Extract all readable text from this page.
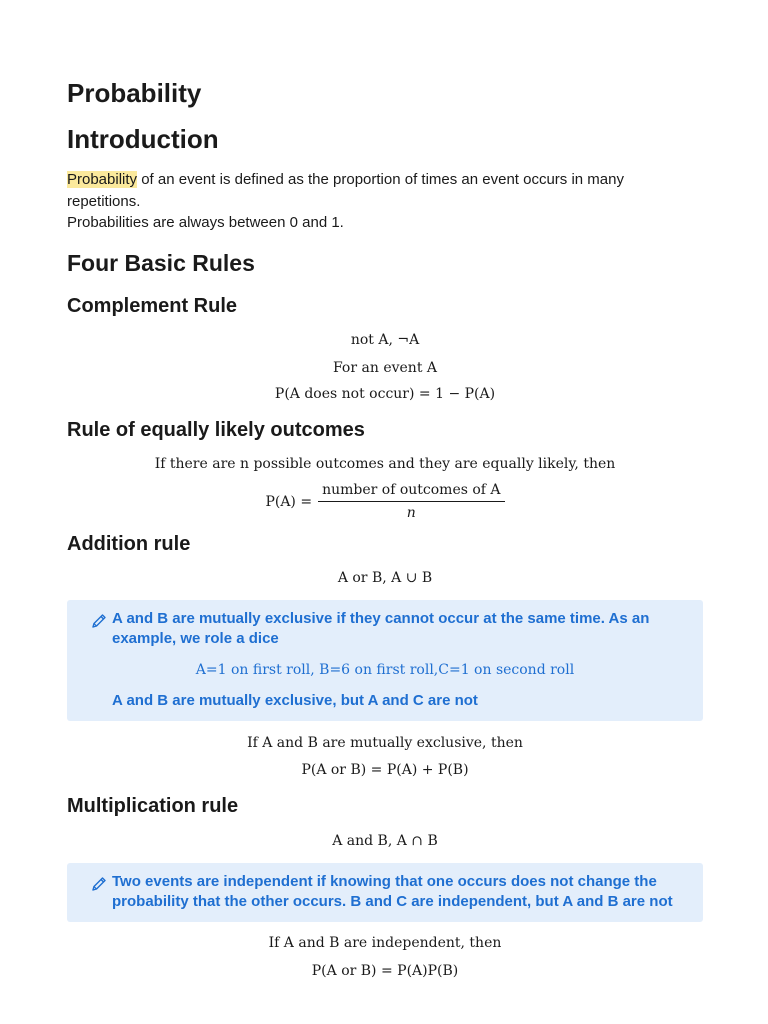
Probability
Introduction
Probability of an event is defined as the proportion of times an event occurs in many repetitions.
Probabilities are always between 0 and 1.
Four Basic Rules
Complement Rule
not A, ¬A
For an event A
P(A does not occur) = 1 − P(A)
Rule of equally likely outcomes
If there are n possible outcomes and they are equally likely, then
$P(A) = \frac{\text{number of outcomes of A}}{n}$
Addition rule
A or B, A ∪ B
A and B are mutually exclusive if they cannot occur at the same time. As an example, we role a dice
A=1 on first roll, B=6 on first roll,C=1 on second roll
A and B are mutually exclusive, but A and C are not
If A and B are mutually exclusive, then
P(A or B) = P(A) + P(B)
Multiplication rule
A and B, A ∩ B
Two events are independent if knowing that one occurs does not change the probability that the other occurs. B and C are independent, but A and B are not
If A and B are independent, then
P(A or B) = P(A)P(B)
